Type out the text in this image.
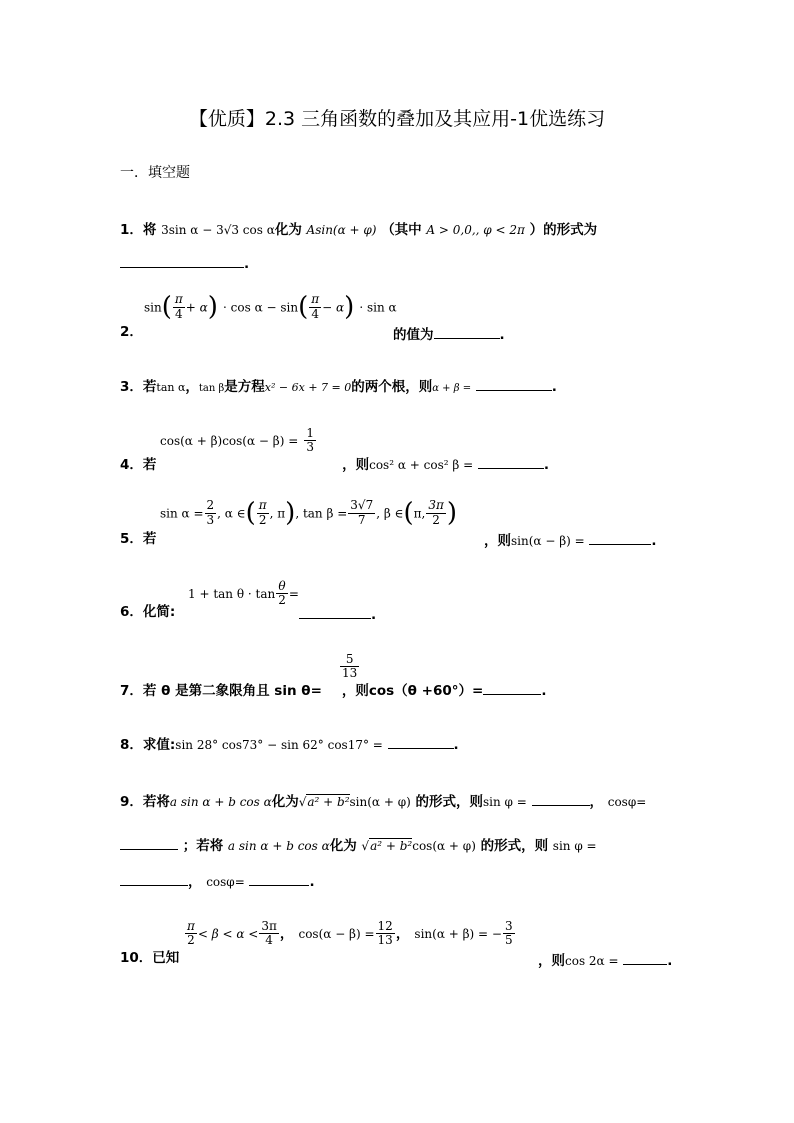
【优质】2.3 三角函数的叠加及其应用-1优选练习
一．填空题
1．将 3sin α − 3√3 cos α化为 Asin(α + φ) （其中 A > 0,0,, φ < 2π ）的形式为
.
2．
$\sin( \frac{\pi}{4} + \alpha) \cdot \cos \alpha - \sin( \frac{\pi}{4} - \alpha) \cdot \sin \alpha$
的值为	.
3．若tan α，tan β是方程x² − 6x + 7 = 0的两个根，则α + β =	.
$\cos(\alpha + \beta)\cos(\alpha - \beta) = \frac{1}{3}$
4．若	，则cos² α + cos² β =	.
5．若
$\sin \alpha = \frac{2}{3}$ , α ∈( $\frac{\pi}{2}$ , π), $\tan \beta = \frac{3√7}{7}$ , β ∈(π, $\frac{3\pi}{2}$ )
，则sin(α − β) =	.
6．化简:
$1 + \tan \theta \cdot \tan \frac{\theta}{2}$ =
.
$\frac{5}{13}$
7．若 θ 是第二象限角且 sin θ= ，则cos（θ +60°）=	.
8．求值:sin 28° cos73° − sin 62° cos17° =	.
9．若将a sin α + b cos α化为√a² + b²sin(α + φ) 的形式，则sin φ =	， cosφ=
；若将 a sin α + b cos α化为 √a² + b²cos(α + φ) 的形式，则 sin φ =
， cosφ=	.
10．已知
$\frac{\pi}{2} < \beta < \alpha < \frac{3\pi}{4}$ ， $\cos(\alpha - \beta) = \frac{12}{13}$ ， sin(α + β) = − $\frac{3}{5}$
，则cos 2α =	.
